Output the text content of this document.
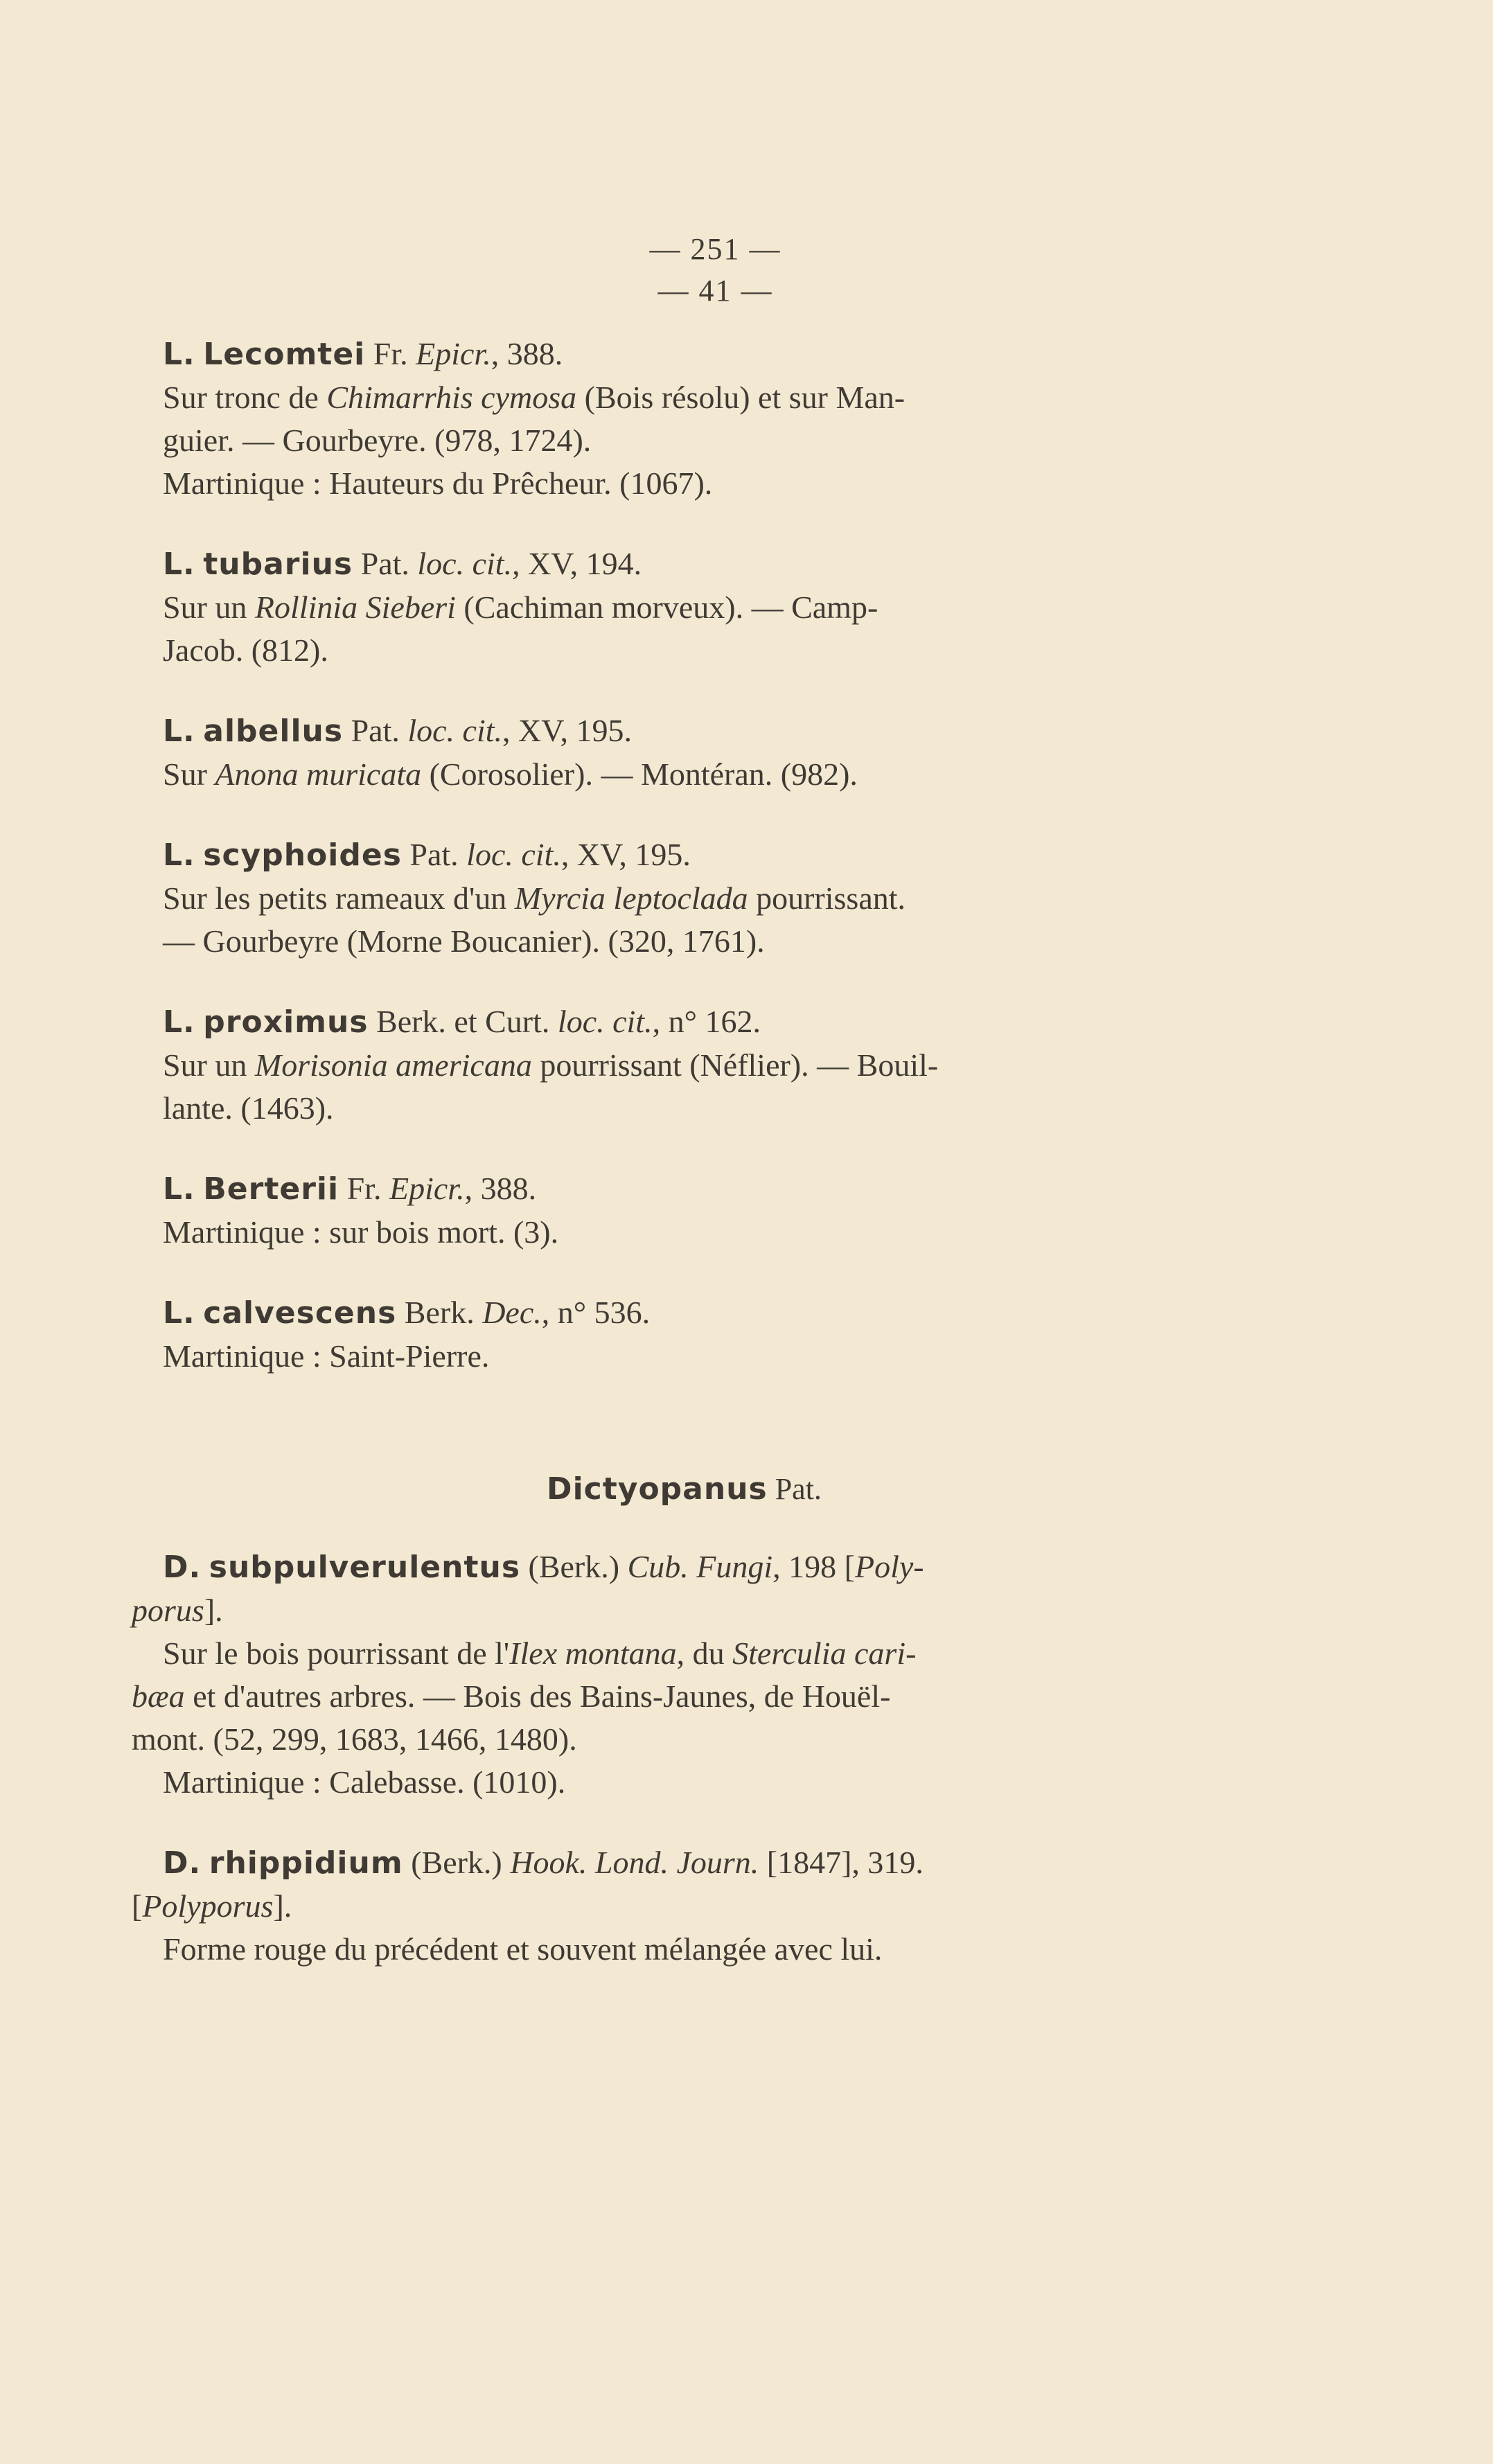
— 251 —
— 41 —

L. Lecomtei Fr. Epicr., 388.

Sur tronc de Chimarrhis cymosa (Bois résolu) et sur Man-

guier. — Gourbeyre. (978, 1724).

Martinique : Hauteurs du Prêcheur. (1067).

L. tubarius Pat. loc. cit., XV, 194.

Sur un Rollinia Sieberi (Cachiman morveux). — Camp-

Jacob. (812).

L. albellus Pat. loc. cit., XV, 195.

Sur Anona muricata (Corosolier). — Montéran. (982).

L. scyphoides Pat. loc. cit., XV, 195.

Sur les petits rameaux d'un Myrcia leptoclada pourrissant.

— Gourbeyre (Morne Boucanier). (320, 1761).

L. proximus Berk. et Curt. loc. cit., n° 162.

Sur un Morisonia americana pourrissant (Néflier). — Bouil-

lante. (1463).

L. Berterii Fr. Epicr., 388.

Martinique : sur bois mort. (3).

L. calvescens Berk. Dec., n° 536.

Martinique : Saint-Pierre.

Dictyopanus Pat.

D. subpulverulentus (Berk.) Cub. Fungi, 198 [Poly-

porus].

Sur le bois pourrissant de l'Ilex montana, du Sterculia cari-

bæa et d'autres arbres. — Bois des Bains-Jaunes, de Houël-

mont. (52, 299, 1683, 1466, 1480).

Martinique : Calebasse. (1010).

D. rhippidium (Berk.) Hook. Lond. Journ. [1847], 319.

[Polyporus].

Forme rouge du précédent et souvent mélangée avec lui.
